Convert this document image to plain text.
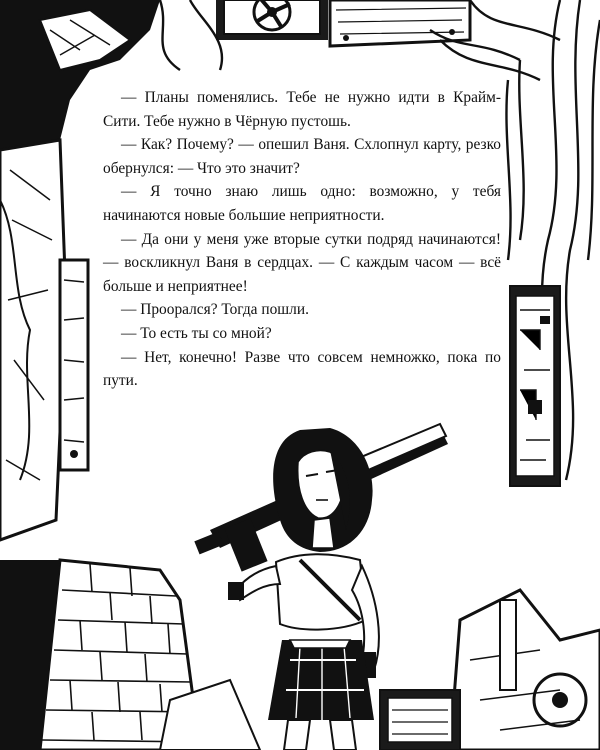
— Планы поменялись. Тебе не нужно идти в Крайм-Сити. Тебе нужно в Чёрную пустошь.

— Как? Почему? — опешил Ваня. Схлопнул карту, резко обернулся: — Что это значит?

— Я точно знаю лишь одно: возможно, у тебя начинаются новые большие неприятности.

— Да они у меня уже вторые сутки подряд начинаются! — воскликнул Ваня в сердцах. — С каждым часом — всё больше и неприятнее!

— Проорался? Тогда пошли.

— То есть ты со мной?

— Нет, конечно! Разве что совсем немножко, пока по пути.
